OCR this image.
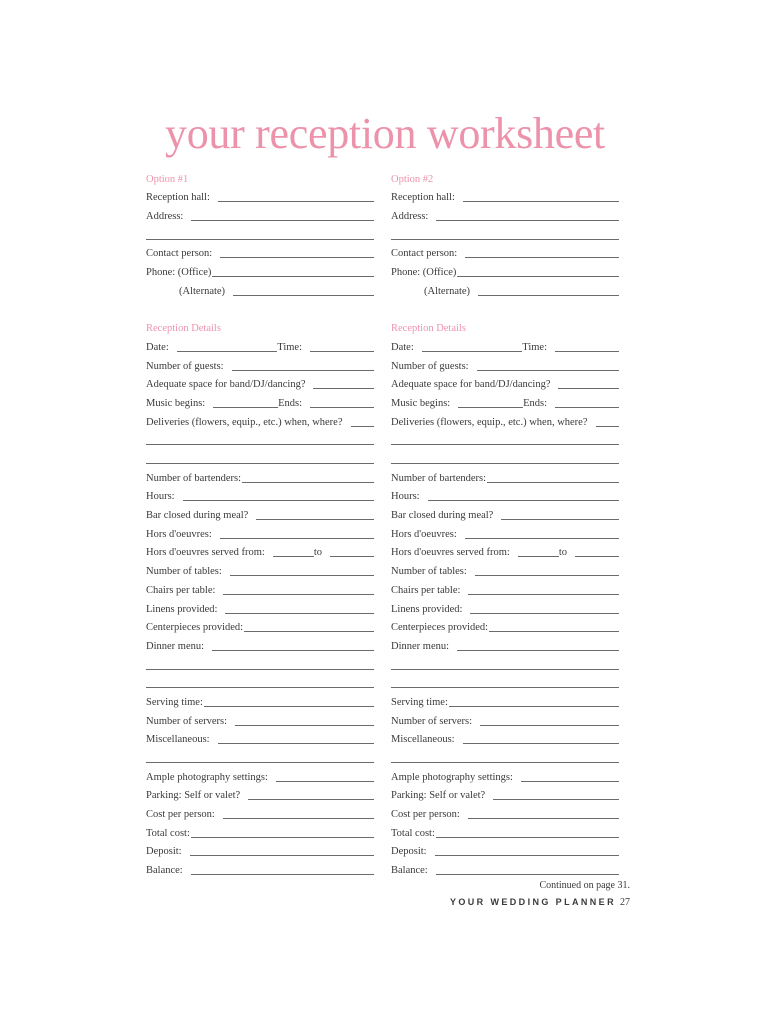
your reception worksheet
Option #1
Reception hall:
Address:
Contact person:
Phone: (Office)
(Alternate)
Reception Details
Date:	Time:
Number of guests:
Adequate space for band/DJ/dancing?
Music begins:	Ends:
Deliveries (flowers, equip., etc.) when, where?
Number of bartenders:
Hours:
Bar closed during meal?
Hors d'oeuvres:
Hors d'oeuvres served from:	to
Number of tables:
Chairs per table:
Linens provided:
Centerpieces provided:
Dinner menu:
Serving time:
Number of servers:
Miscellaneous:
Ample photography settings:
Parking: Self or valet?
Cost per person:
Total cost:
Deposit:
Balance:
Option #2
Reception hall:
Address:
Contact person:
Phone: (Office)
(Alternate)
Reception Details
Date:	Time:
Number of guests:
Adequate space for band/DJ/dancing?
Music begins:	Ends:
Deliveries (flowers, equip., etc.) when, where?
Number of bartenders:
Hours:
Bar closed during meal?
Hors d'oeuvres:
Hors d'oeuvres served from:	to
Number of tables:
Chairs per table:
Linens provided:
Centerpieces provided:
Dinner menu:
Serving time:
Number of servers:
Miscellaneous:
Ample photography settings:
Parking: Self or valet?
Cost per person:
Total cost:
Deposit:
Balance:
Continued on page 31.
YOUR WEDDING PLANNER 27
